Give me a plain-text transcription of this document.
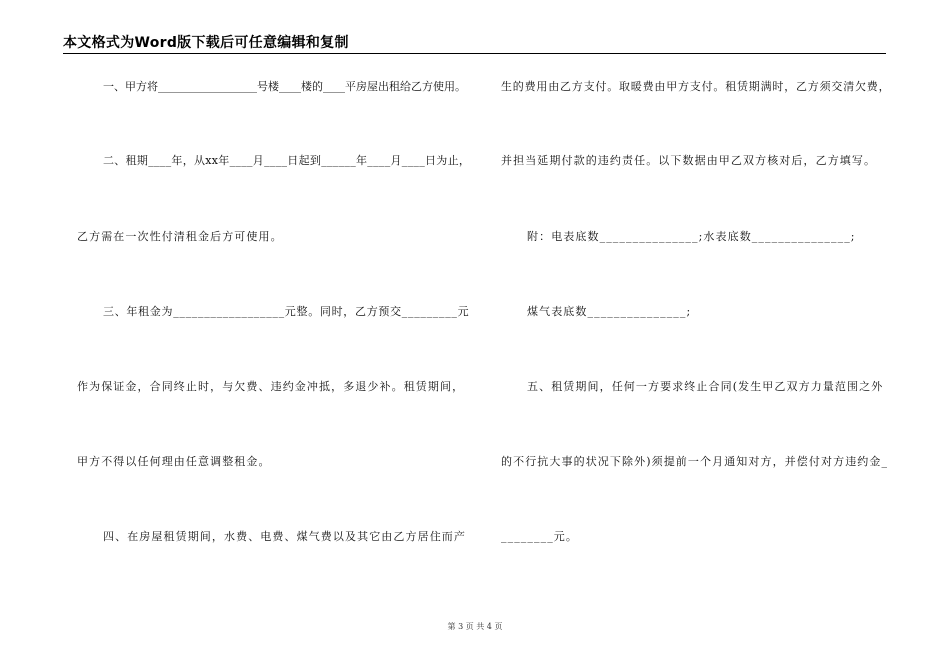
本文格式为Word版下载后可任意编辑和复制
一、甲方将__________________号楼____楼的____平房屋出租给乙方使用。
二、租期____年，从xx年____月____日起到______年____月____日为止，
乙方需在一次性付清租金后方可使用。
三、年租金为__________________元整。同时，乙方预交_________元
作为保证金，合同终止时，与欠费、违约金冲抵，多退少补。租赁期间，
甲方不得以任何理由任意调整租金。
四、在房屋租赁期间，水费、电费、煤气费以及其它由乙方居住而产
生的费用由乙方支付。取暖费由甲方支付。租赁期满时，乙方须交清欠费，
并担当延期付款的违约责任。以下数据由甲乙双方核对后，乙方填写。
附：电表底数_______________;水表底数_______________;
煤气表底数_______________;
五、租赁期间，任何一方要求终止合同(发生甲乙双方力量范围之外
的不行抗大事的状况下除外)须提前一个月通知对方，并偿付对方违约金_
________元。
第 3 页 共 4 页
